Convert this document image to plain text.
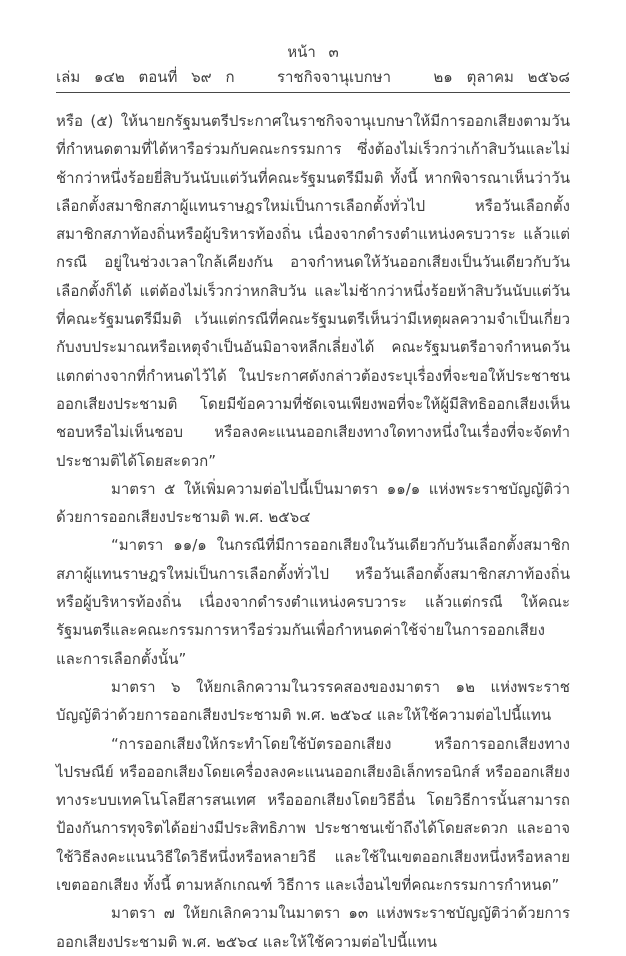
หน้า ๓
เล่ม ๑๔๒ ตอนที่ ๖๙ ก	ราชกิจจานุเบกษา	๒๑ ตุลาคม ๒๕๖๘

หรือ (๕) ให้นายกรัฐมนตรีประกาศในราชกิจจานุเบกษาให้มีการออกเสียงตามวันที่กำหนดตามที่ได้หารือร่วมกับคณะกรรมการ ซึ่งต้องไม่เร็วกว่าเก้าสิบวันและไม่ช้ากว่าหนึ่งร้อยยี่สิบวันนับแต่วันที่คณะรัฐมนตรีมีมติ ทั้งนี้ หากพิจารณาเห็นว่าวันเลือกตั้งสมาชิกสภาผู้แทนราษฎรใหม่เป็นการเลือกตั้งทั่วไป หรือวันเลือกตั้งสมาชิกสภาท้องถิ่นหรือผู้บริหารท้องถิ่น เนื่องจากดำรงตำแหน่งครบวาระ แล้วแต่กรณี อยู่ในช่วงเวลาใกล้เคียงกัน อาจกำหนดให้วันออกเสียงเป็นวันเดียวกับวันเลือกตั้งก็ได้ แต่ต้องไม่เร็วกว่าหกสิบวัน และไม่ช้ากว่าหนึ่งร้อยห้าสิบวันนับแต่วันที่คณะรัฐมนตรีมีมติ เว้นแต่กรณีที่คณะรัฐมนตรีเห็นว่ามีเหตุผลความจำเป็นเกี่ยวกับงบประมาณหรือเหตุจำเป็นอันมิอาจหลีกเลี่ยงได้ คณะรัฐมนตรีอาจกำหนดวันแตกต่างจากที่กำหนดไว้ได้ ในประกาศดังกล่าวต้องระบุเรื่องที่จะขอให้ประชาชนออกเสียงประชามติ โดยมีข้อความที่ชัดเจนเพียงพอที่จะให้ผู้มีสิทธิออกเสียงเห็นชอบหรือไม่เห็นชอบ หรือลงคะแนนออกเสียงทางใดทางหนึ่งในเรื่องที่จะจัดทำประชามติได้โดยสะดวก”

มาตรา ๕ ให้เพิ่มความต่อไปนี้เป็นมาตรา ๑๑/๑ แห่งพระราชบัญญัติว่าด้วยการออกเสียงประชามติ พ.ศ. ๒๕๖๔

“มาตรา ๑๑/๑ ในกรณีที่มีการออกเสียงในวันเดียวกับวันเลือกตั้งสมาชิกสภาผู้แทนราษฎรใหม่เป็นการเลือกตั้งทั่วไป หรือวันเลือกตั้งสมาชิกสภาท้องถิ่นหรือผู้บริหารท้องถิ่น เนื่องจากดำรงตำแหน่งครบวาระ แล้วแต่กรณี ให้คณะรัฐมนตรีและคณะกรรมการหารือร่วมกันเพื่อกำหนดค่าใช้จ่ายในการออกเสียงและการเลือกตั้งนั้น”

มาตรา ๖ ให้ยกเลิกความในวรรคสองของมาตรา ๑๒ แห่งพระราชบัญญัติว่าด้วยการออกเสียงประชามติ พ.ศ. ๒๕๖๔ และให้ใช้ความต่อไปนี้แทน

“การออกเสียงให้กระทำโดยใช้บัตรออกเสียง หรือการออกเสียงทางไปรษณีย์ หรือออกเสียงโดยเครื่องลงคะแนนออกเสียงอิเล็กทรอนิกส์ หรือออกเสียงทางระบบเทคโนโลยีสารสนเทศ หรือออกเสียงโดยวิธีอื่น โดยวิธีการนั้นสามารถป้องกันการทุจริตได้อย่างมีประสิทธิภาพ ประชาชนเข้าถึงได้โดยสะดวก และอาจใช้วิธีลงคะแนนวิธีใดวิธีหนึ่งหรือหลายวิธี และใช้ในเขตออกเสียงหนึ่งหรือหลายเขตออกเสียง ทั้งนี้ ตามหลักเกณฑ์ วิธีการ และเงื่อนไขที่คณะกรรมการกำหนด”

มาตรา ๗ ให้ยกเลิกความในมาตรา ๑๓ แห่งพระราชบัญญัติว่าด้วยการออกเสียงประชามติ พ.ศ. ๒๕๖๔ และให้ใช้ความต่อไปนี้แทน
